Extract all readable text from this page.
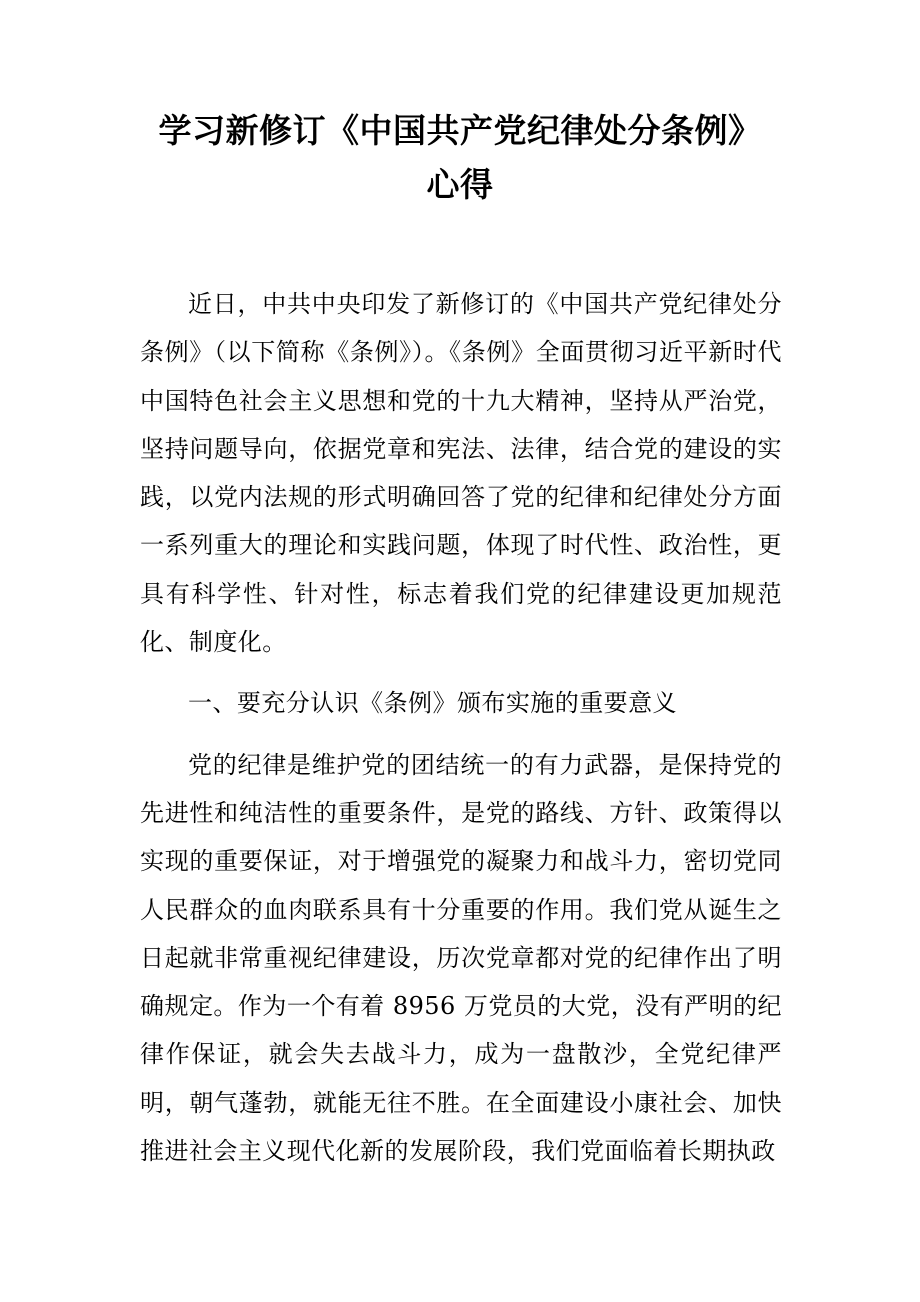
学习新修订《中国共产党纪律处分条例》
心得

近日，中共中央印发了新修订的《中国共产党纪律处分条例》（以下简称《条例》）。《条例》全面贯彻习近平新时代中国特色社会主义思想和党的十九大精神，坚持从严治党，坚持问题导向，依据党章和宪法、法律，结合党的建设的实践，以党内法规的形式明确回答了党的纪律和纪律处分方面一系列重大的理论和实践问题，体现了时代性、政治性，更具有科学性、针对性，标志着我们党的纪律建设更加规范化、制度化。

一、要充分认识《条例》颁布实施的重要意义

党的纪律是维护党的团结统一的有力武器，是保持党的先进性和纯洁性的重要条件，是党的路线、方针、政策得以实现的重要保证，对于增强党的凝聚力和战斗力，密切党同人民群众的血肉联系具有十分重要的作用。我们党从诞生之日起就非常重视纪律建设，历次党章都对党的纪律作出了明确规定。作为一个有着 8956 万党员的大党，没有严明的纪律作保证，就会失去战斗力，成为一盘散沙，全党纪律严明，朝气蓬勃，就能无往不胜。在全面建设小康社会、加快推进社会主义现代化新的发展阶段，我们党面临着长期执政
